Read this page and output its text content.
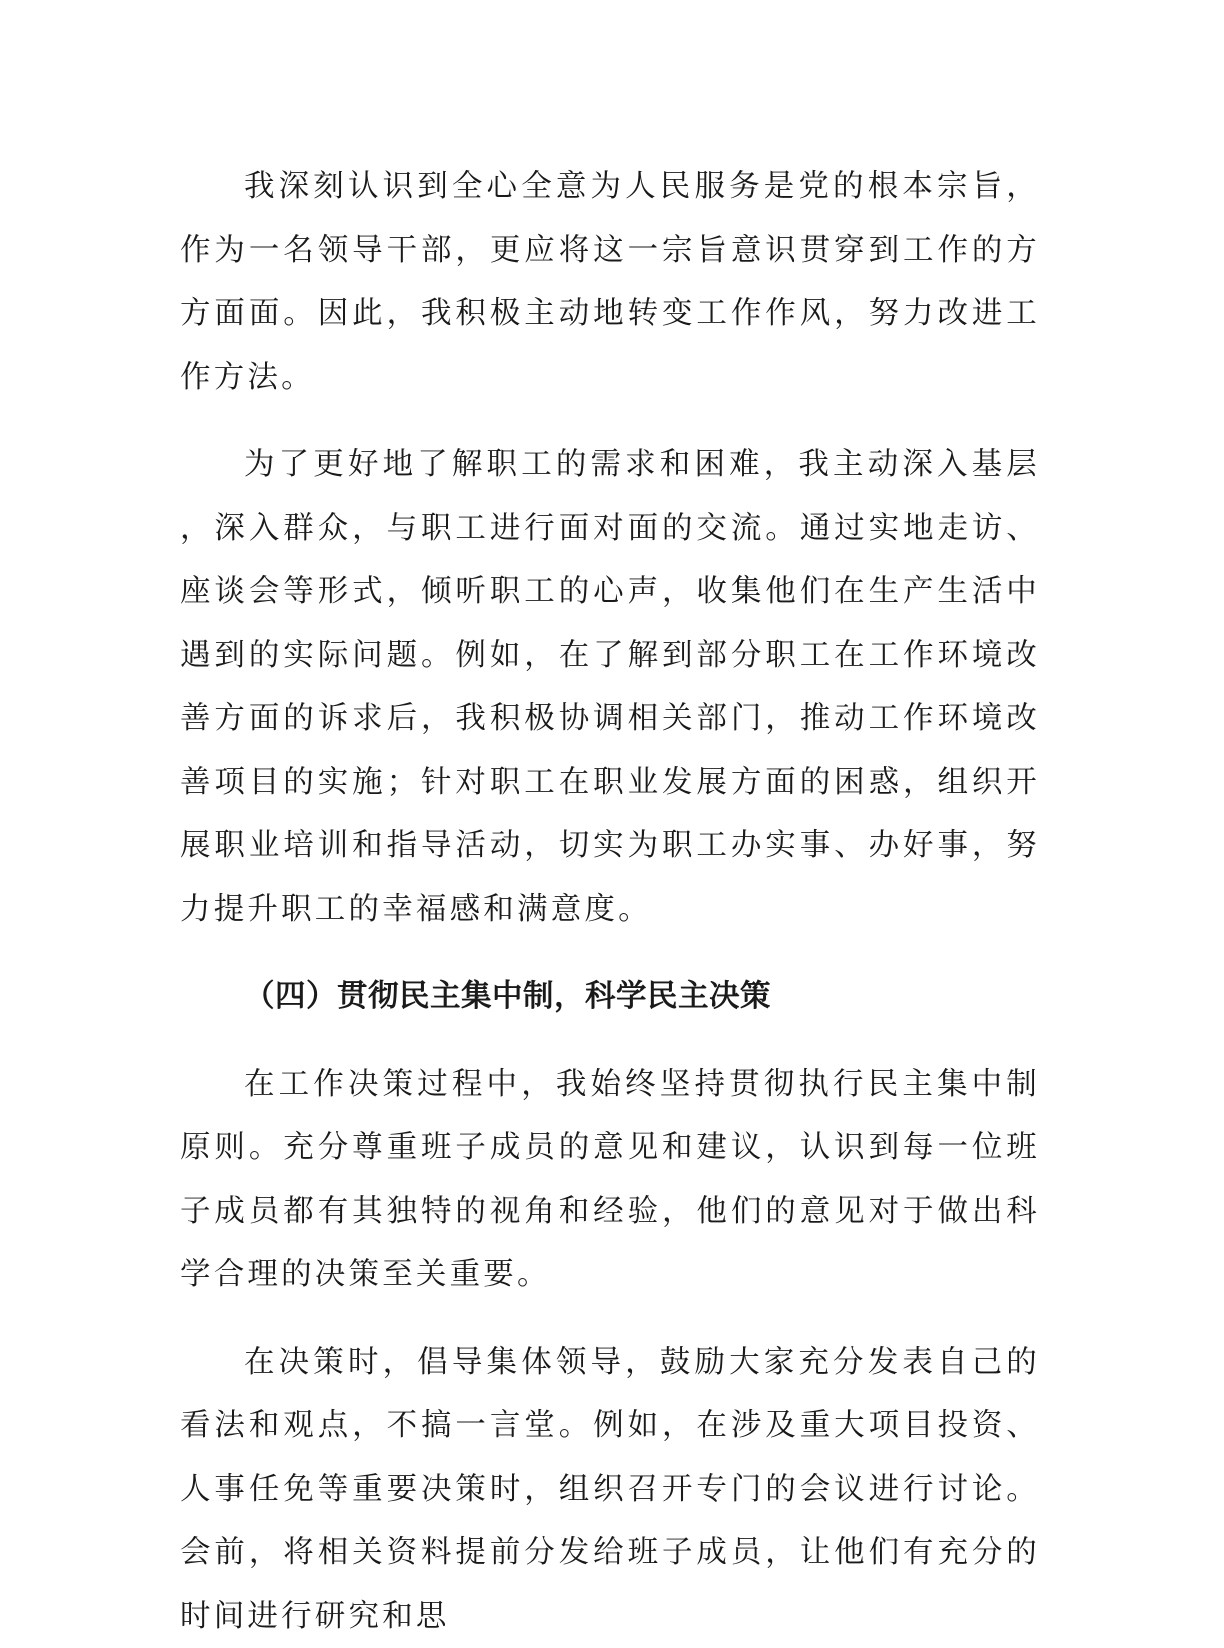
我深刻认识到全心全意为人民服务是党的根本宗旨，作为一名领导干部，更应将这一宗旨意识贯穿到工作的方方面面。因此，我积极主动地转变工作作风，努力改进工作方法。

为了更好地了解职工的需求和困难，我主动深入基层，深入群众，与职工进行面对面的交流。通过实地走访、座谈会等形式，倾听职工的心声，收集他们在生产生活中遇到的实际问题。例如，在了解到部分职工在工作环境改善方面的诉求后，我积极协调相关部门，推动工作环境改善项目的实施；针对职工在职业发展方面的困惑，组织开展职业培训和指导活动，切实为职工办实事、办好事，努力提升职工的幸福感和满意度。

（四）贯彻民主集中制，科学民主决策

在工作决策过程中，我始终坚持贯彻执行民主集中制原则。充分尊重班子成员的意见和建议，认识到每一位班子成员都有其独特的视角和经验，他们的意见对于做出科学合理的决策至关重要。

在决策时，倡导集体领导，鼓励大家充分发表自己的看法和观点，不搞一言堂。例如，在涉及重大项目投资、人事任免等重要决策时，组织召开专门的会议进行讨论。会前，将相关资料提前分发给班子成员，让他们有充分的时间进行研究和思
